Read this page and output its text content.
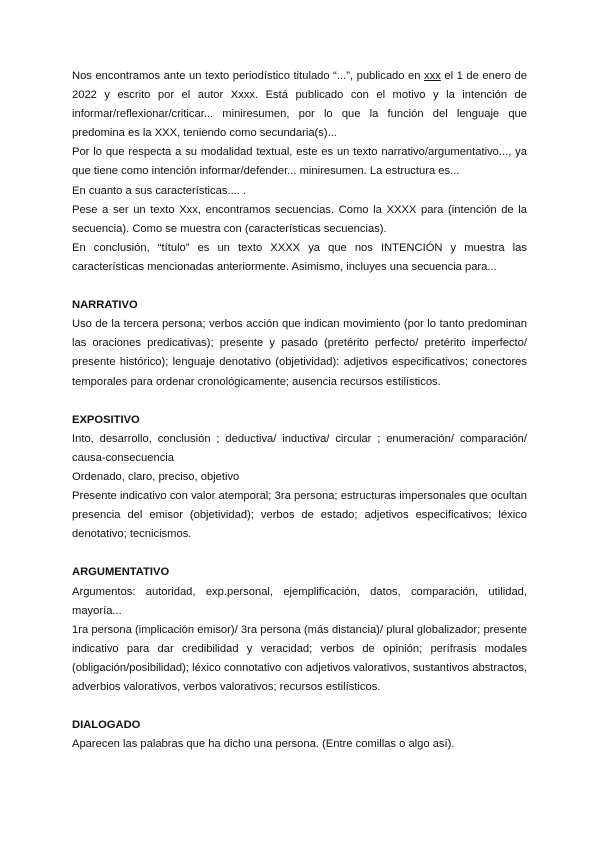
Nos encontramos ante un texto periodístico titulado “...”, publicado en xxx el 1 de enero de 2022 y escrito por el autor Xxxx. Está publicado con el motivo y la intención de informar/reflexionar/criticar... miniresumen, por lo que la función del lenguaje que predomina es la XXX, teniendo como secundaria(s)...

Por lo que respecta a su modalidad textual, este es un texto narrativo/argumentativo..., ya que tiene como intención informar/defender... miniresumen. La estructura es...

En cuanto a sus características.... .

Pese a ser un texto Xxx, encontramos secuencias. Como la XXXX para (intención de la secuencia). Como se muestra con (características secuencias).

En conclusión, “título” es un texto XXXX ya que nos INTENCIÓN y muestra las características mencionadas anteriormente. Asimismo, incluyes una secuencia para...

NARRATIVO

Uso de la tercera persona; verbos acción que indican movimiento (por lo tanto predominan las oraciones predicativas); presente y pasado (pretérito perfecto/ pretérito imperfecto/ presente histórico); lenguaje denotativo (objetividad): adjetivos especificativos; conectores temporales para ordenar cronológicamente; ausencia recursos estilísticos.

EXPOSITIVO

Into, desarrollo, conclusión ; deductiva/ inductiva/ circular ; enumeración/ comparación/ causa-consecuencia

Ordenado, claro, preciso, objetivo

Presente indicativo con valor atemporal; 3ra persona; estructuras impersonales que ocultan presencia del emisor (objetividad); verbos de estado; adjetivos especificativos; léxico denotativo; tecnicismos.

ARGUMENTATIVO

Argumentos: autoridad, exp.personal, ejemplificación, datos, comparación, utilidad, mayoría...

1ra persona (implicación emisor)/ 3ra persona (más distancia)/ plural globalizador; presente indicativo para dar credibilidad y veracidad; verbos de opinión; perífrasis modales (obligación/posibilidad); léxico connotativo con adjetivos valorativos, sustantivos abstractos, adverbios valorativos, verbos valorativos; recursos estilísticos.

DIALOGADO

Aparecen las palabras que ha dicho una persona. (Entre comillas o algo así).
